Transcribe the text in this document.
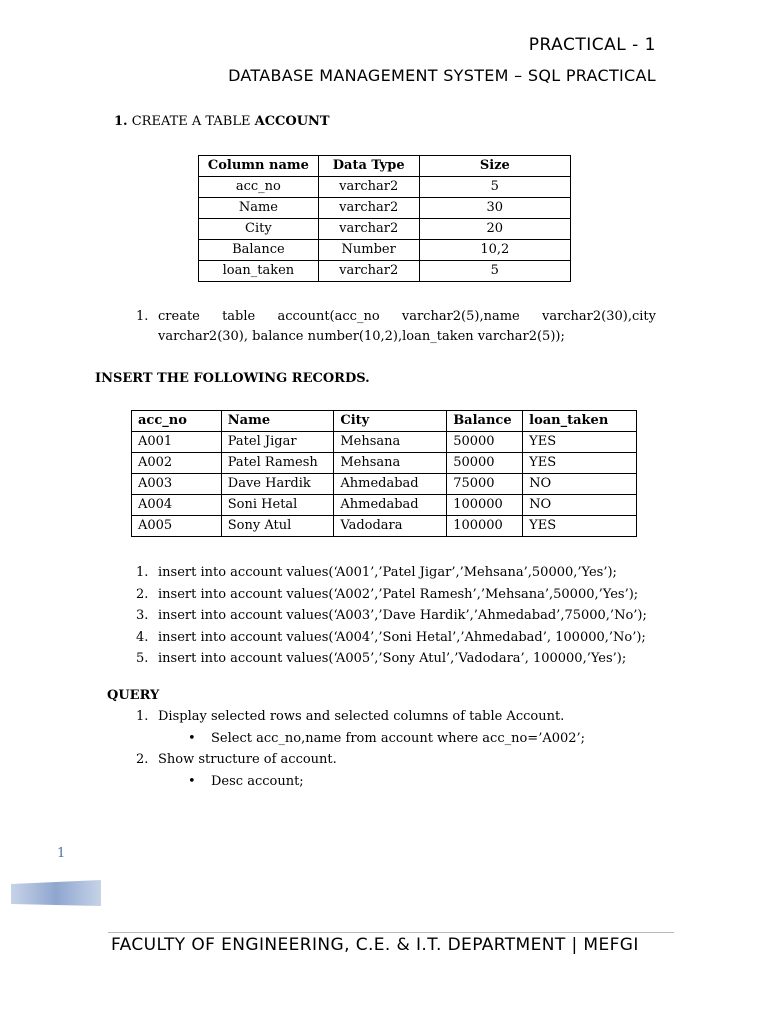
PRACTICAL - 1
DATABASE MANAGEMENT SYSTEM – SQL PRACTICAL
1. CREATE A TABLE ACCOUNT
Column name	Data Type	Size
acc_no	varchar2	5
Name	varchar2	30
City	varchar2	20
Balance	Number	10,2
loan_taken	varchar2	5
1. create table account(acc_no varchar2(5),name varchar2(30),city
varchar2(30), balance number(10,2),loan_taken varchar2(5));
INSERT THE FOLLOWING RECORDS.
acc_no	Name	City	Balance	loan_taken
A001	Patel Jigar	Mehsana	50000	YES
A002	Patel Ramesh	Mehsana	50000	YES
A003	Dave Hardik	Ahmedabad	75000	NO
A004	Soni Hetal	Ahmedabad	100000	NO
A005	Sony Atul	Vadodara	100000	YES
1. insert into account values(‘A001’,’Patel Jigar’,’Mehsana’,50000,’Yes’);
2. insert into account values(‘A002’,’Patel Ramesh’,’Mehsana’,50000,’Yes’);
3. insert into account values(‘A003’,’Dave Hardik’,’Ahmedabad’,75000,’No’);
4. insert into account values(‘A004’,’Soni Hetal’,’Ahmedabad’, 100000,’No’);
5. insert into account values(‘A005’,’Sony Atul’,’Vadodara’, 100000,’Yes’);
QUERY
1. Display selected rows and selected columns of table Account.
• Select acc_no,name from account where acc_no=’A002’;
2. Show structure of account.
• Desc account;
1
FACULTY OF ENGINEERING, C.E. & I.T. DEPARTMENT | MEFGI
